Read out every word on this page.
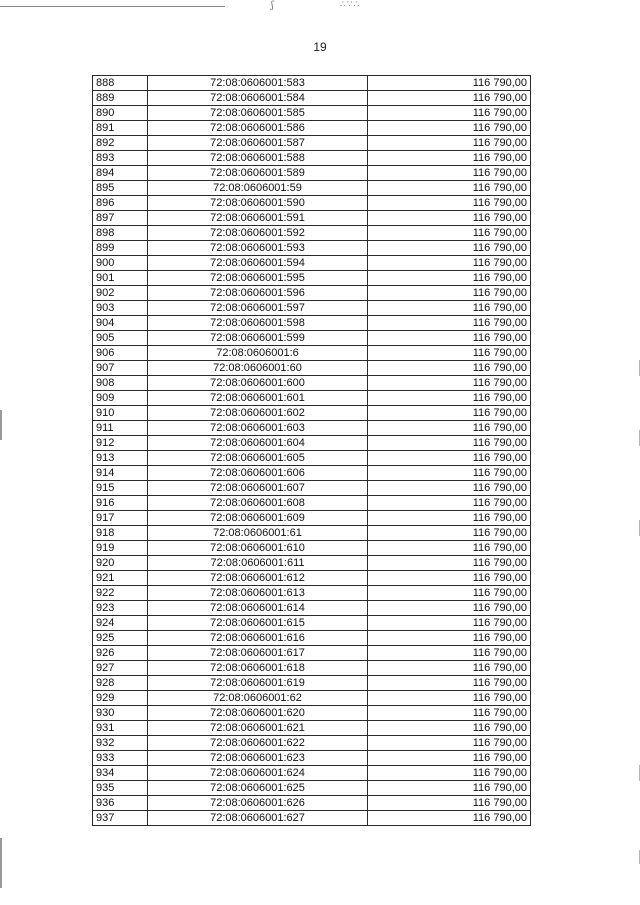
ʃ	∴∵∴
19
888	72:08:0606001:583	116 790,00
889	72:08:0606001:584	116 790,00
890	72:08:0606001:585	116 790,00
891	72:08:0606001:586	116 790,00
892	72:08:0606001:587	116 790,00
893	72:08:0606001:588	116 790,00
894	72:08:0606001:589	116 790,00
895	72:08:0606001:59	116 790,00
896	72:08:0606001:590	116 790,00
897	72:08:0606001:591	116 790,00
898	72:08:0606001:592	116 790,00
899	72:08:0606001:593	116 790,00
900	72:08:0606001:594	116 790,00
901	72:08:0606001:595	116 790,00
902	72:08:0606001:596	116 790,00
903	72:08:0606001:597	116 790,00
904	72:08:0606001:598	116 790,00
905	72:08:0606001:599	116 790,00
906	72:08:0606001:6	116 790,00
907	72:08:0606001:60	116 790,00
908	72:08:0606001:600	116 790,00
909	72:08:0606001:601	116 790,00
910	72:08:0606001:602	116 790,00
911	72:08:0606001:603	116 790,00
912	72:08:0606001:604	116 790,00
913	72:08:0606001:605	116 790,00
914	72:08:0606001:606	116 790,00
915	72:08:0606001:607	116 790,00
916	72:08:0606001:608	116 790,00
917	72:08:0606001:609	116 790,00
918	72:08:0606001:61	116 790,00
919	72:08:0606001:610	116 790,00
920	72:08:0606001:611	116 790,00
921	72:08:0606001:612	116 790,00
922	72:08:0606001:613	116 790,00
923	72:08:0606001:614	116 790,00
924	72:08:0606001:615	116 790,00
925	72:08:0606001:616	116 790,00
926	72:08:0606001:617	116 790,00
927	72:08:0606001:618	116 790,00
928	72:08:0606001:619	116 790,00
929	72:08:0606001:62	116 790,00
930	72:08:0606001:620	116 790,00
931	72:08:0606001:621	116 790,00
932	72:08:0606001:622	116 790,00
933	72:08:0606001:623	116 790,00
934	72:08:0606001:624	116 790,00
935	72:08:0606001:625	116 790,00
936	72:08:0606001:626	116 790,00
937	72:08:0606001:627	116 790,00
